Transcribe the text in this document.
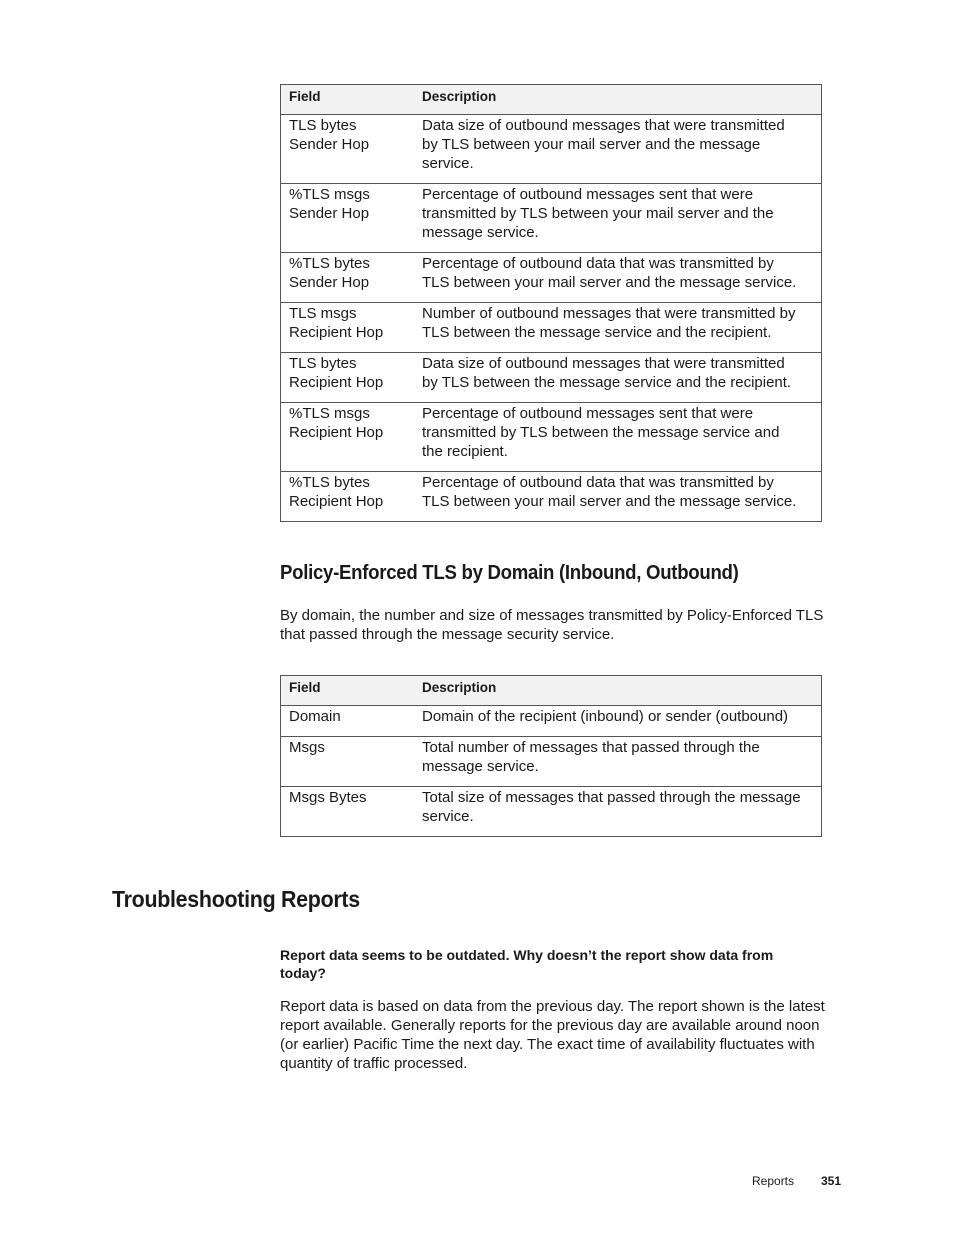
Field	Description

TLS bytes
Sender Hop	Data size of outbound messages that were transmitted
by TLS between your mail server and the message
service.

%TLS msgs
Sender Hop	Percentage of outbound messages sent that were
transmitted by TLS between your mail server and the
message service.

%TLS bytes
Sender Hop	Percentage of outbound data that was transmitted by
TLS between your mail server and the message service.

TLS msgs
Recipient Hop	Number of outbound messages that were transmitted by
TLS between the message service and the recipient.

TLS bytes
Recipient Hop	Data size of outbound messages that were transmitted
by TLS between the message service and the recipient.

%TLS msgs
Recipient Hop	Percentage of outbound messages sent that were
transmitted by TLS between the message service and
the recipient.

%TLS bytes
Recipient Hop	Percentage of outbound data that was transmitted by
TLS between your mail server and the message service.
Policy-Enforced TLS by Domain (Inbound, Outbound)

By domain, the number and size of messages transmitted by Policy-Enforced TLS
that passed through the message security service.

Field	Description

Domain	Domain of the recipient (inbound) or sender (outbound)

Msgs	Total number of messages that passed through the
message service.

Msgs Bytes	Total size of messages that passed through the message
service.
Troubleshooting Reports

Report data seems to be outdated. Why doesn’t the report show data from
today?

Report data is based on data from the previous day. The report shown is the latest
report available. Generally reports for the previous day are available around noon
(or earlier) Pacific Time the next day. The exact time of availability fluctuates with
quantity of traffic processed.

Reports 351
